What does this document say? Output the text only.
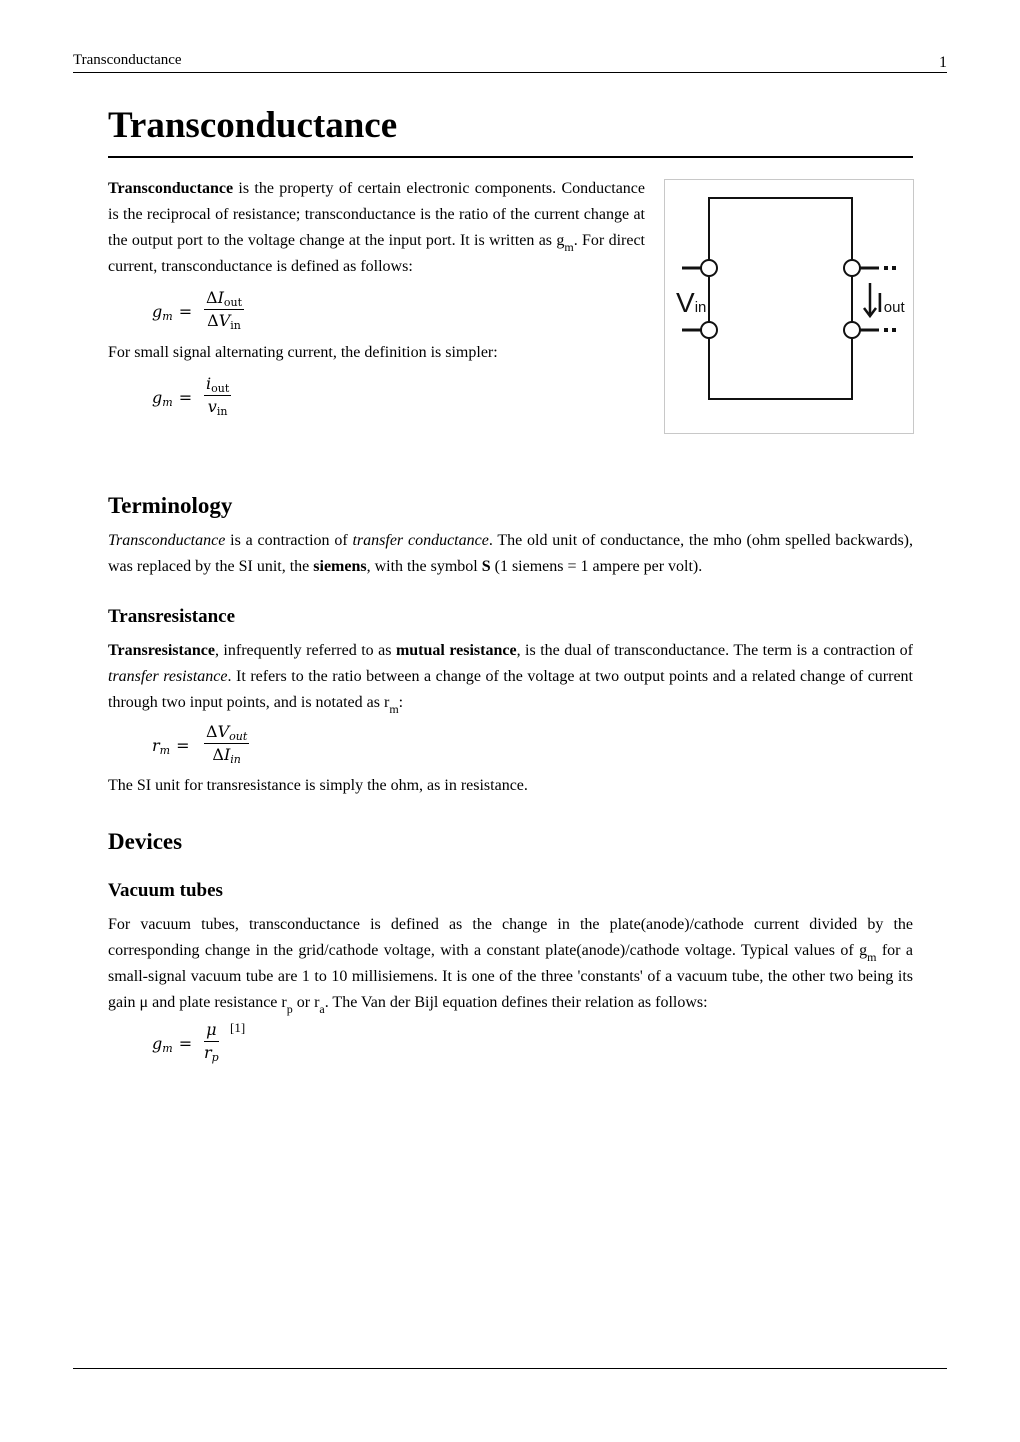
Transconductance	1
Transconductance

Transconductance is the property of certain electronic components. Conductance is the reciprocal of resistance; transconductance is the ratio of the current change at the output port to the voltage change at the input port. It is written as $g_m$. For direct current, transconductance is defined as follows:

$g_m$ =
$\Delta I_{out}$
$\Delta V_{in}$

For small signal alternating current, the definition is simpler:

$g_m$ =
$i_{out}$
$v_{in}$
Terminology

Transconductance is a contraction of transfer conductance. The old unit of conductance, the mho (ohm spelled backwards), was replaced by the SI unit, the siemens, with the symbol S (1 siemens = 1 ampere per volt).

Transresistance

Transresistance, infrequently referred to as mutual resistance, is the dual of transconductance. The term is a contraction of transfer resistance. It refers to the ratio between a change of the voltage at two output points and a related change of current through two input points, and is notated as $r_m$:

$r_m$ =
$\Delta V_{out}$
$\Delta I_{in}$

The SI unit for transresistance is simply the ohm, as in resistance.

Devices
Vacuum tubes

For vacuum tubes, transconductance is defined as the change in the plate(anode)/cathode current divided by the corresponding change in the grid/cathode voltage, with a constant plate(anode)/cathode voltage. Typical values of $g_m$ for a small-signal vacuum tube are 1 to 10 millisiemens. It is one of the three 'constants' of a vacuum tube, the other two being its gain μ and plate resistance $r_p$ or $r_a$. The Van der Bijl equation defines their relation as follows:

$g_m = \frac{\mu}{r_p} [1]$
Vin	Iout
